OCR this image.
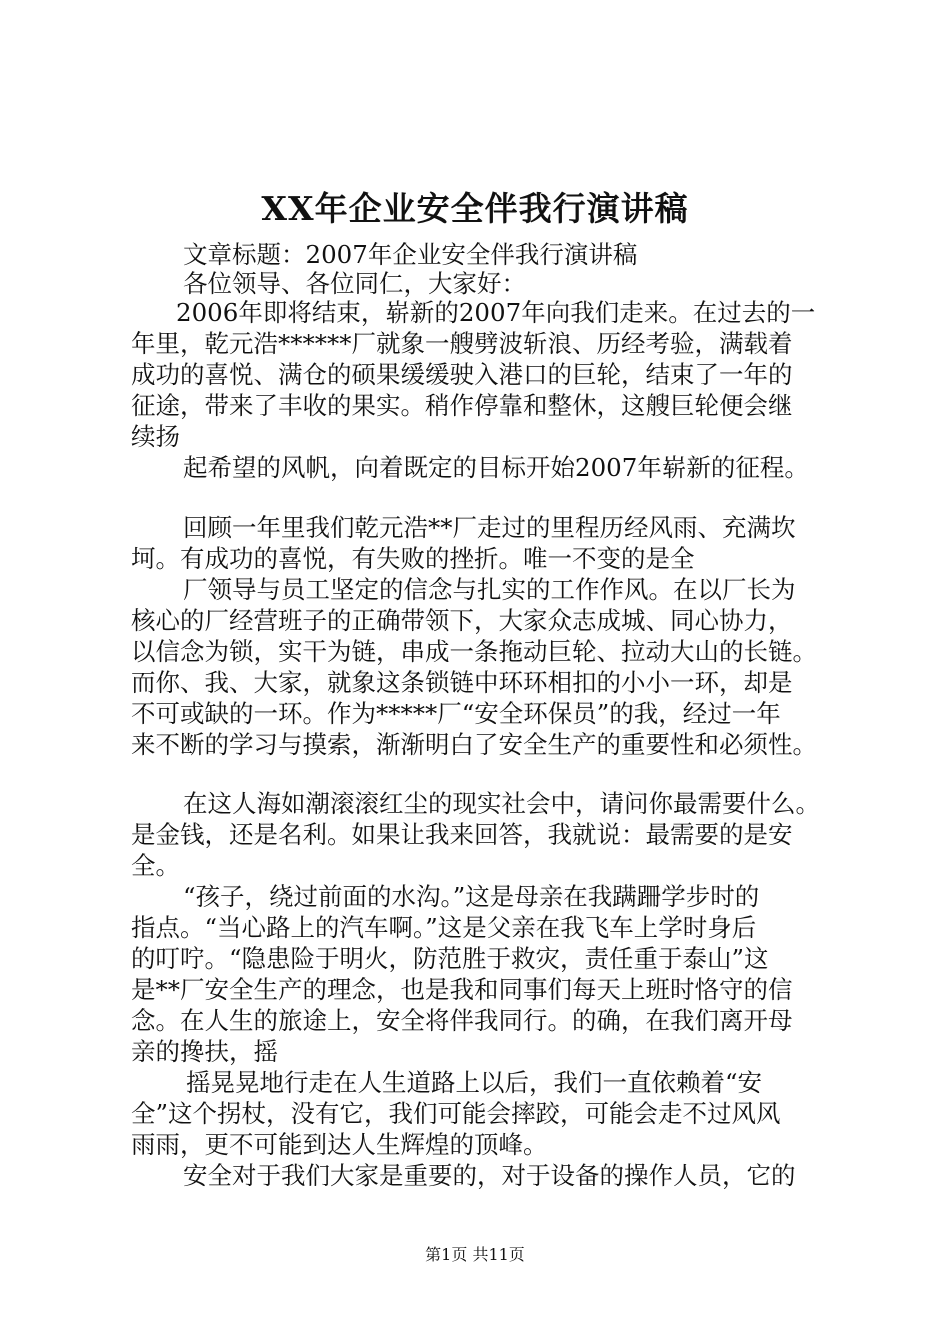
XX年企业安全伴我行演讲稿

文章标题：2007年企业安全伴我行演讲稿

各位领导、各位同仁，大家好：

2006年即将结束，崭新的2007年向我们走来。在过去的一

年里，乾元浩******厂就象一艘劈波斩浪、历经考验，满载着

成功的喜悦、满仓的硕果缓缓驶入港口的巨轮，结束了一年的

征途，带来了丰收的果实。稍作停靠和整休，这艘巨轮便会继

续扬

起希望的风帆，向着既定的目标开始2007年崭新的征程。

回顾一年里我们乾元浩**厂走过的里程历经风雨、充满坎

坷。有成功的喜悦，有失败的挫折。唯一不变的是全

厂领导与员工坚定的信念与扎实的工作作风。在以厂长为

核心的厂经营班子的正确带领下，大家众志成城、同心协力，

以信念为锁，实干为链，串成一条拖动巨轮、拉动大山的长链。

而你、我、大家，就象这条锁链中环环相扣的小小一环，却是

不可或缺的一环。作为*****厂“安全环保员”的我，经过一年

来不断的学习与摸索，渐渐明白了安全生产的重要性和必须性。

在这人海如潮滚滚红尘的现实社会中，请问你最需要什么。

是金钱，还是名利。如果让我来回答，我就说：最需要的是安

全。

“孩子，绕过前面的水沟。”这是母亲在我蹒跚学步时的

指点。“当心路上的汽车啊。”这是父亲在我飞车上学时身后

的叮咛。“隐患险于明火，防范胜于救灾，责任重于泰山”这

是**厂安全生产的理念，也是我和同事们每天上班时恪守的信

念。在人生的旅途上，安全将伴我同行。的确，在我们离开母

亲的搀扶，摇

摇晃晃地行走在人生道路上以后，我们一直依赖着“安

全”这个拐杖，没有它，我们可能会摔跤，可能会走不过风风

雨雨，更不可能到达人生辉煌的顶峰。

安全对于我们大家是重要的，对于设备的操作人员，它的

第1页 共11页
